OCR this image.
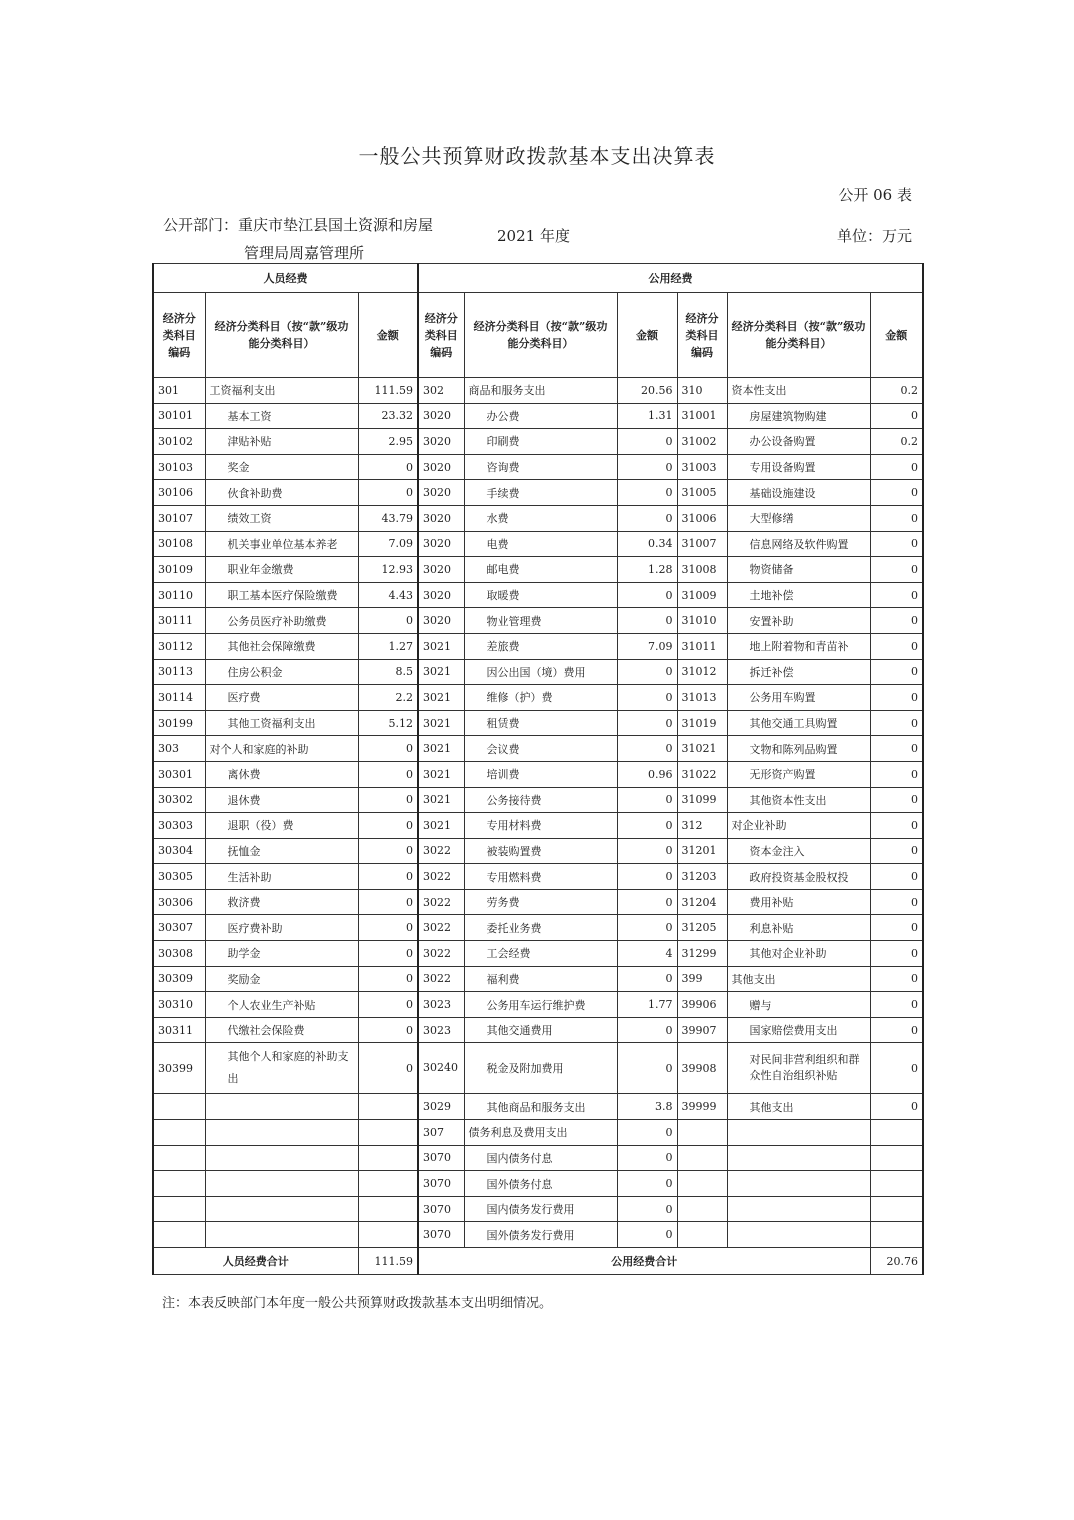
一般公共预算财政拨款基本支出决算表
公开 06 表
公开部门：重庆市垫江县国土资源和房屋
管理局周嘉管理所
2021 年度	单位：万元
人员经费			公用经费					
经济分类科目编码	经济分类科目（按“款”级功能分类科目）	金额	经济分类科目编码	经济分类科目（按“款”级功能分类科目）	金额	经济分类科目编码	经济分类科目（按“款”级功能分类科目）	金额
301	工资福利支出	111.59	302	商品和服务支出	20.56	310	资本性支出	0.2
30101	基本工资	23.32	3020	办公费	1.31	31001	房屋建筑物购建	0
30102	津贴补贴	2.95	3020	印刷费	0	31002	办公设备购置	0.2
30103	奖金	0	3020	咨询费	0	31003	专用设备购置	0
30106	伙食补助费	0	3020	手续费	0	31005	基础设施建设	0
30107	绩效工资	43.79	3020	水费	0	31006	大型修缮	0
30108	机关事业单位基本养老	7.09	3020	电费	0.34	31007	信息网络及软件购置	0
30109	职业年金缴费	12.93	3020	邮电费	1.28	31008	物资储备	0
30110	职工基本医疗保险缴费	4.43	3020	取暖费	0	31009	土地补偿	0
30111	公务员医疗补助缴费	0	3020	物业管理费	0	31010	安置补助	0
30112	其他社会保障缴费	1.27	3021	差旅费	7.09	31011	地上附着物和青苗补	0
30113	住房公积金	8.5	3021	因公出国（境）费用	0	31012	拆迁补偿	0
30114	医疗费	2.2	3021	维修（护）费	0	31013	公务用车购置	0
30199	其他工资福利支出	5.12	3021	租赁费	0	31019	其他交通工具购置	0
303	对个人和家庭的补助	0	3021	会议费	0	31021	文物和陈列品购置	0
30301	离休费	0	3021	培训费	0.96	31022	无形资产购置	0
30302	退休费	0	3021	公务接待费	0	31099	其他资本性支出	0
30303	退职（役）费	0	3021	专用材料费	0	312	对企业补助	0
30304	抚恤金	0	3022	被装购置费	0	31201	资本金注入	0
30305	生活补助	0	3022	专用燃料费	0	31203	政府投资基金股权投	0
30306	救济费	0	3022	劳务费	0	31204	费用补贴	0
30307	医疗费补助	0	3022	委托业务费	0	31205	利息补贴	0
30308	助学金	0	3022	工会经费	4	31299	其他对企业补助	0
30309	奖励金	0	3022	福利费	0	399	其他支出	0
30310	个人农业生产补贴	0	3023	公务用车运行维护费	1.77	39906	赠与	0
30311	代缴社会保险费	0	3023	其他交通费用	0	39907	国家赔偿费用支出	0
30399	其他个人和家庭的补助支出	0	30240	税金及附加费用	0	39908	对民间非营利组织和群众性自治组织补贴	0
			3029	其他商品和服务支出	3.8	39999	其他支出	0
			307	债务利息及费用支出	0			
			3070	国内债务付息	0			
			3070	国外债务付息	0			
			3070	国内债务发行费用	0			
			3070	国外债务发行费用	0			
人员经费合计		111.59	公用经费合计					20.76
注：本表反映部门本年度一般公共预算财政拨款基本支出明细情况。
